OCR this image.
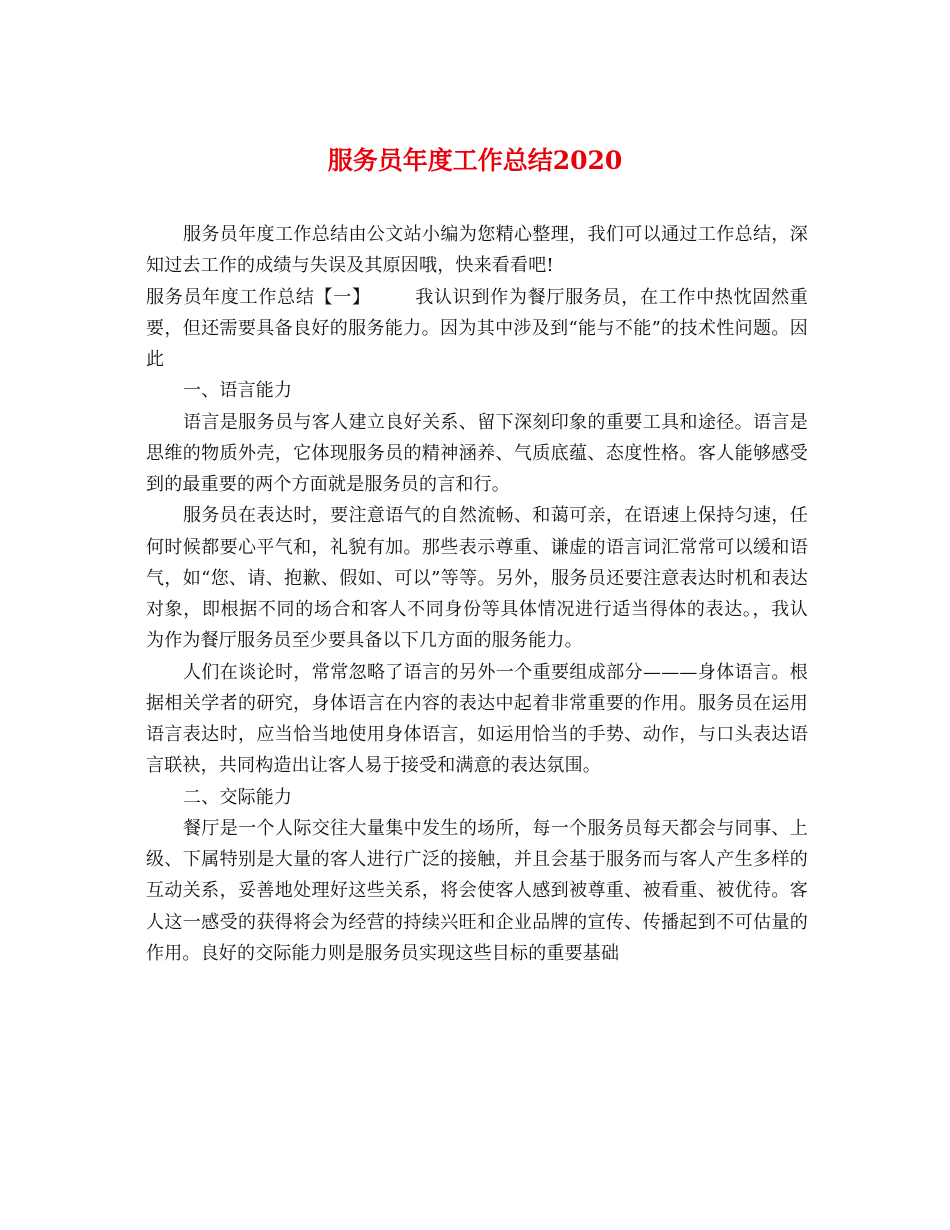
服务员年度工作总结2020

服务员年度工作总结由公文站小编为您精心整理，我们可以通过工作总结，深知过去工作的成绩与失误及其原因哦，快来看看吧!

服务员年度工作总结【一】 我认识到作为餐厅服务员，在工作中热忱固然重要，但还需要具备良好的服务能力。因为其中涉及到“能与不能”的技术性问题。因此

一、语言能力

语言是服务员与客人建立良好关系、留下深刻印象的重要工具和途径。语言是思维的物质外壳，它体现服务员的精神涵养、气质底蕴、态度性格。客人能够感受到的最重要的两个方面就是服务员的言和行。

服务员在表达时，要注意语气的自然流畅、和蔼可亲，在语速上保持匀速，任何时候都要心平气和，礼貌有加。那些表示尊重、谦虚的语言词汇常常可以缓和语气，如“您、请、抱歉、假如、可以”等等。另外，服务员还要注意表达时机和表达对象，即根据不同的场合和客人不同身份等具体情况进行适当得体的表达。，我认为作为餐厅服务员至少要具备以下几方面的服务能力。

人们在谈论时，常常忽略了语言的另外一个重要组成部分———身体语言。根据相关学者的研究，身体语言在内容的表达中起着非常重要的作用。服务员在运用语言表达时，应当恰当地使用身体语言，如运用恰当的手势、动作，与口头表达语言联袂，共同构造出让客人易于接受和满意的表达氛围。

二、交际能力

餐厅是一个人际交往大量集中发生的场所，每一个服务员每天都会与同事、上级、下属特别是大量的客人进行广泛的接触，并且会基于服务而与客人产生多样的互动关系，妥善地处理好这些关系，将会使客人感到被尊重、被看重、被优待。客人这一感受的获得将会为经营的持续兴旺和企业品牌的宣传、传播起到不可估量的作用。良好的交际能力则是服务员实现这些目标的重要基础
